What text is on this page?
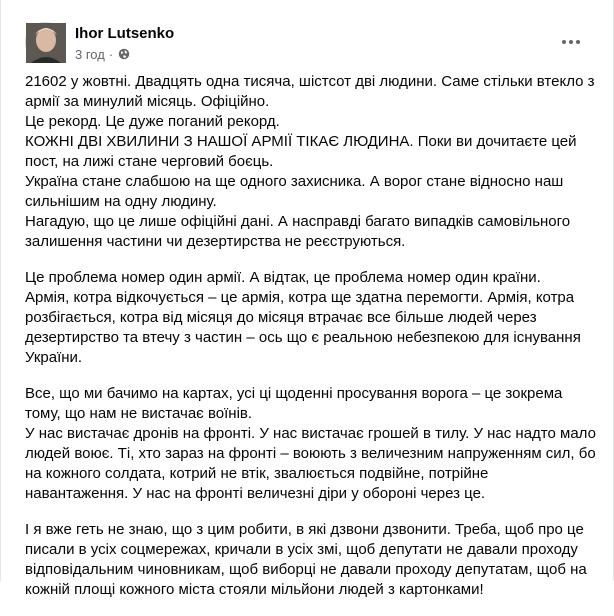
Ihor Lutsenko
3 год ·
21602 у жовтні. Двадцять одна тисяча, шістсот дві людини. Саме стільки втекло з
армії за минулий місяць. Офіційно.
Це рекорд. Це дуже поганий рекорд.
КОЖНІ ДВІ ХВИЛИНИ З НАШОЇ АРМІЇ ТІКАЄ ЛЮДИНА. Поки ви дочитаєте цей
пост, на лижі стане черговий боєць.
Україна стане слабшою на ще одного захисника. А ворог стане відносно наш
сильнішим на одну людину.
Нагадую, що це лише офіційні дані. А насправді багато випадків самовільного
залишення частини чи дезертирства не реєструються.
Це проблема номер один армії. А відтак, це проблема номер один країни.
Армія, котра відкочується – це армія, котра ще здатна перемогти. Армія, котра
розбігається, котра від місяця до місяця втрачає все більше людей через
дезертирство та втечу з частин – ось що є реальною небезпекою для існування
України.
Все, що ми бачимо на картах, усі ці щоденні просування ворога – це зокрема
тому, що нам не вистачає воїнів.
У нас вистачає дронів на фронті. У нас вистачає грошей в тилу. У нас надто мало
людей воює. Ті, хто зараз на фронті – воюють з величезним напруженням сил, бо
на кожного солдата, котрий не втік, звалюється подвійне, потрійне
навантаження. У нас на фронті величезні діри у обороні через це.
І я вже геть не знаю, що з цим робити, в які дзвони дзвонити. Треба, щоб про це
писали в усіх соцмережах, кричали в усіх змі, щоб депутати не давали проходу
відповідальним чиновникам, щоб виборці не давали проходу депутатам, щоб на
кожній площі кожного міста стояли мільйони людей з картонками!
